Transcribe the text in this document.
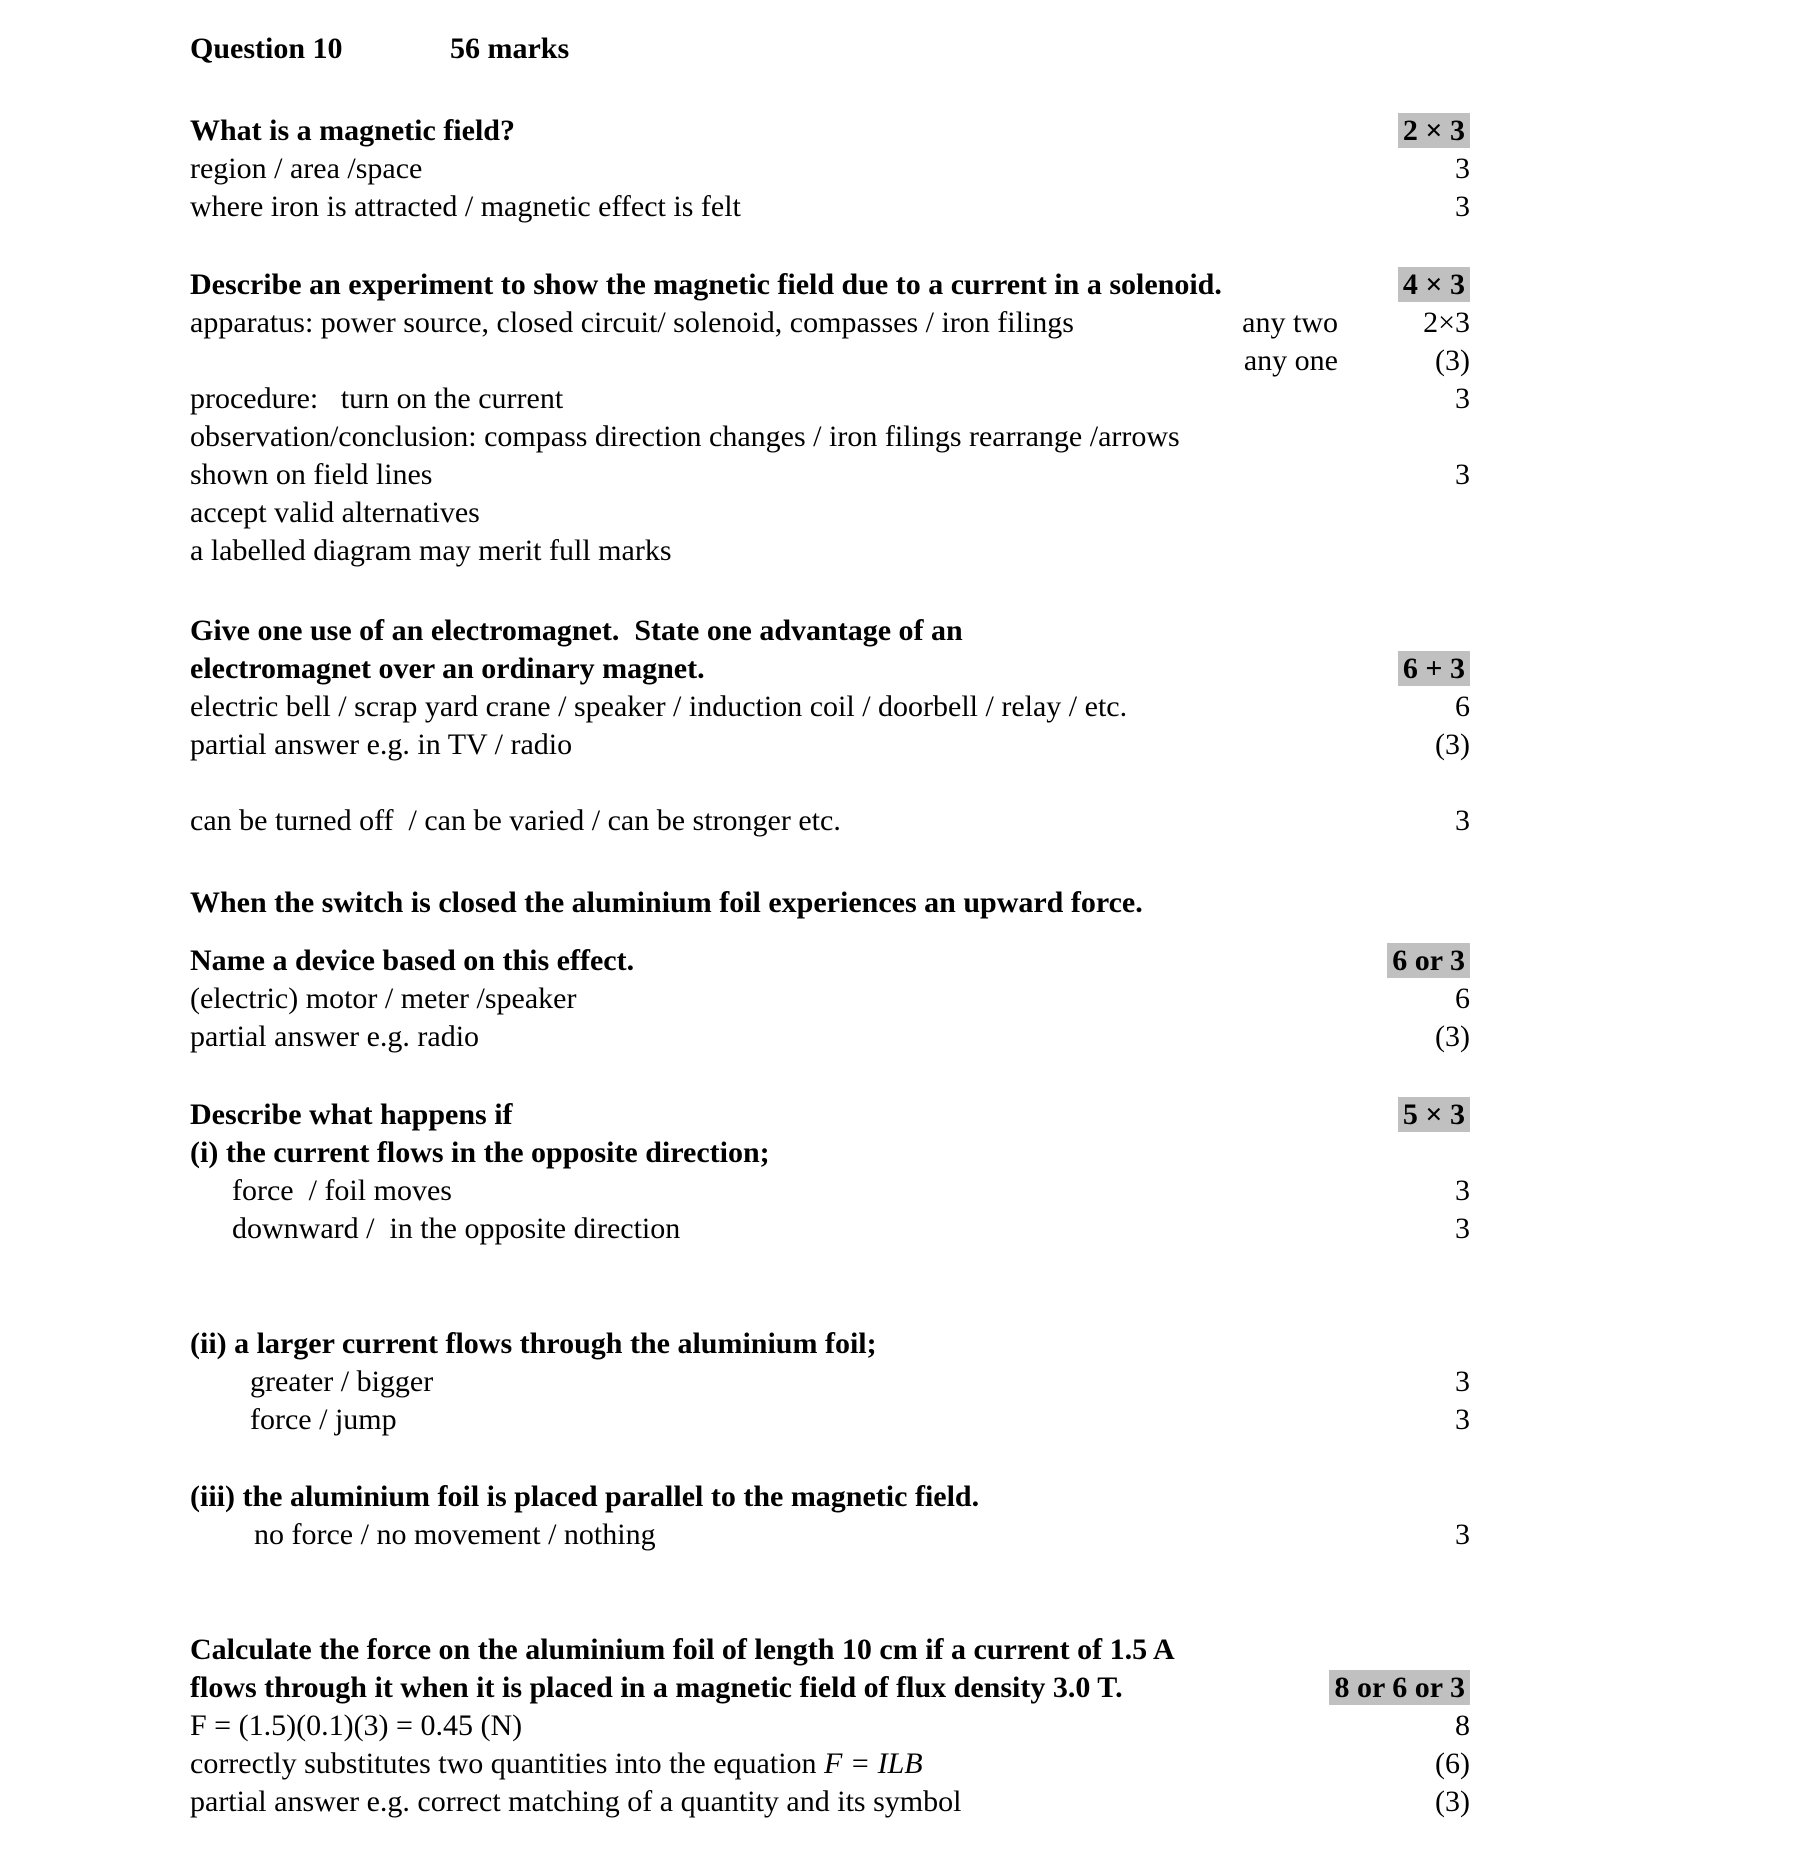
Question 10	56 marks
What is a magnetic field?	2 × 3
region / area /space	3
where iron is attracted / magnetic effect is felt	3
Describe an experiment to show the magnetic field due to a current in a solenoid.	4 × 3
apparatus: power source, closed circuit/ solenoid, compasses / iron filings	any two	2×3
any one	(3)
procedure:   turn on the current	3
observation/conclusion: compass direction changes / iron filings rearrange /arrows
shown on field lines	3
accept valid alternatives
a labelled diagram may merit full marks
Give one use of an electromagnet.  State one advantage of an
electromagnet over an ordinary magnet.	6 + 3
electric bell / scrap yard crane / speaker / induction coil / doorbell / relay / etc.	6
partial answer e.g. in TV / radio	(3)
can be turned off  / can be varied / can be stronger etc.	3
When the switch is closed the aluminium foil experiences an upward force.
Name a device based on this effect.	6 or 3
(electric) motor / meter /speaker	6
partial answer e.g. radio	(3)
Describe what happens if	5 × 3
(i) the current flows in the opposite direction;
force  / foil moves	3
downward /  in the opposite direction	3
(ii) a larger current flows through the aluminium foil;
greater / bigger	3
force / jump	3
(iii) the aluminium foil is placed parallel to the magnetic field.
no force / no movement / nothing	3
Calculate the force on the aluminium foil of length 10 cm if a current of 1.5 A
flows through it when it is placed in a magnetic field of flux density 3.0 T.	8 or 6 or 3
F = (1.5)(0.1)(3) = 0.45 (N)	8
correctly substitutes two quantities into the equation F = ILB	(6)
partial answer e.g. correct matching of a quantity and its symbol	(3)
